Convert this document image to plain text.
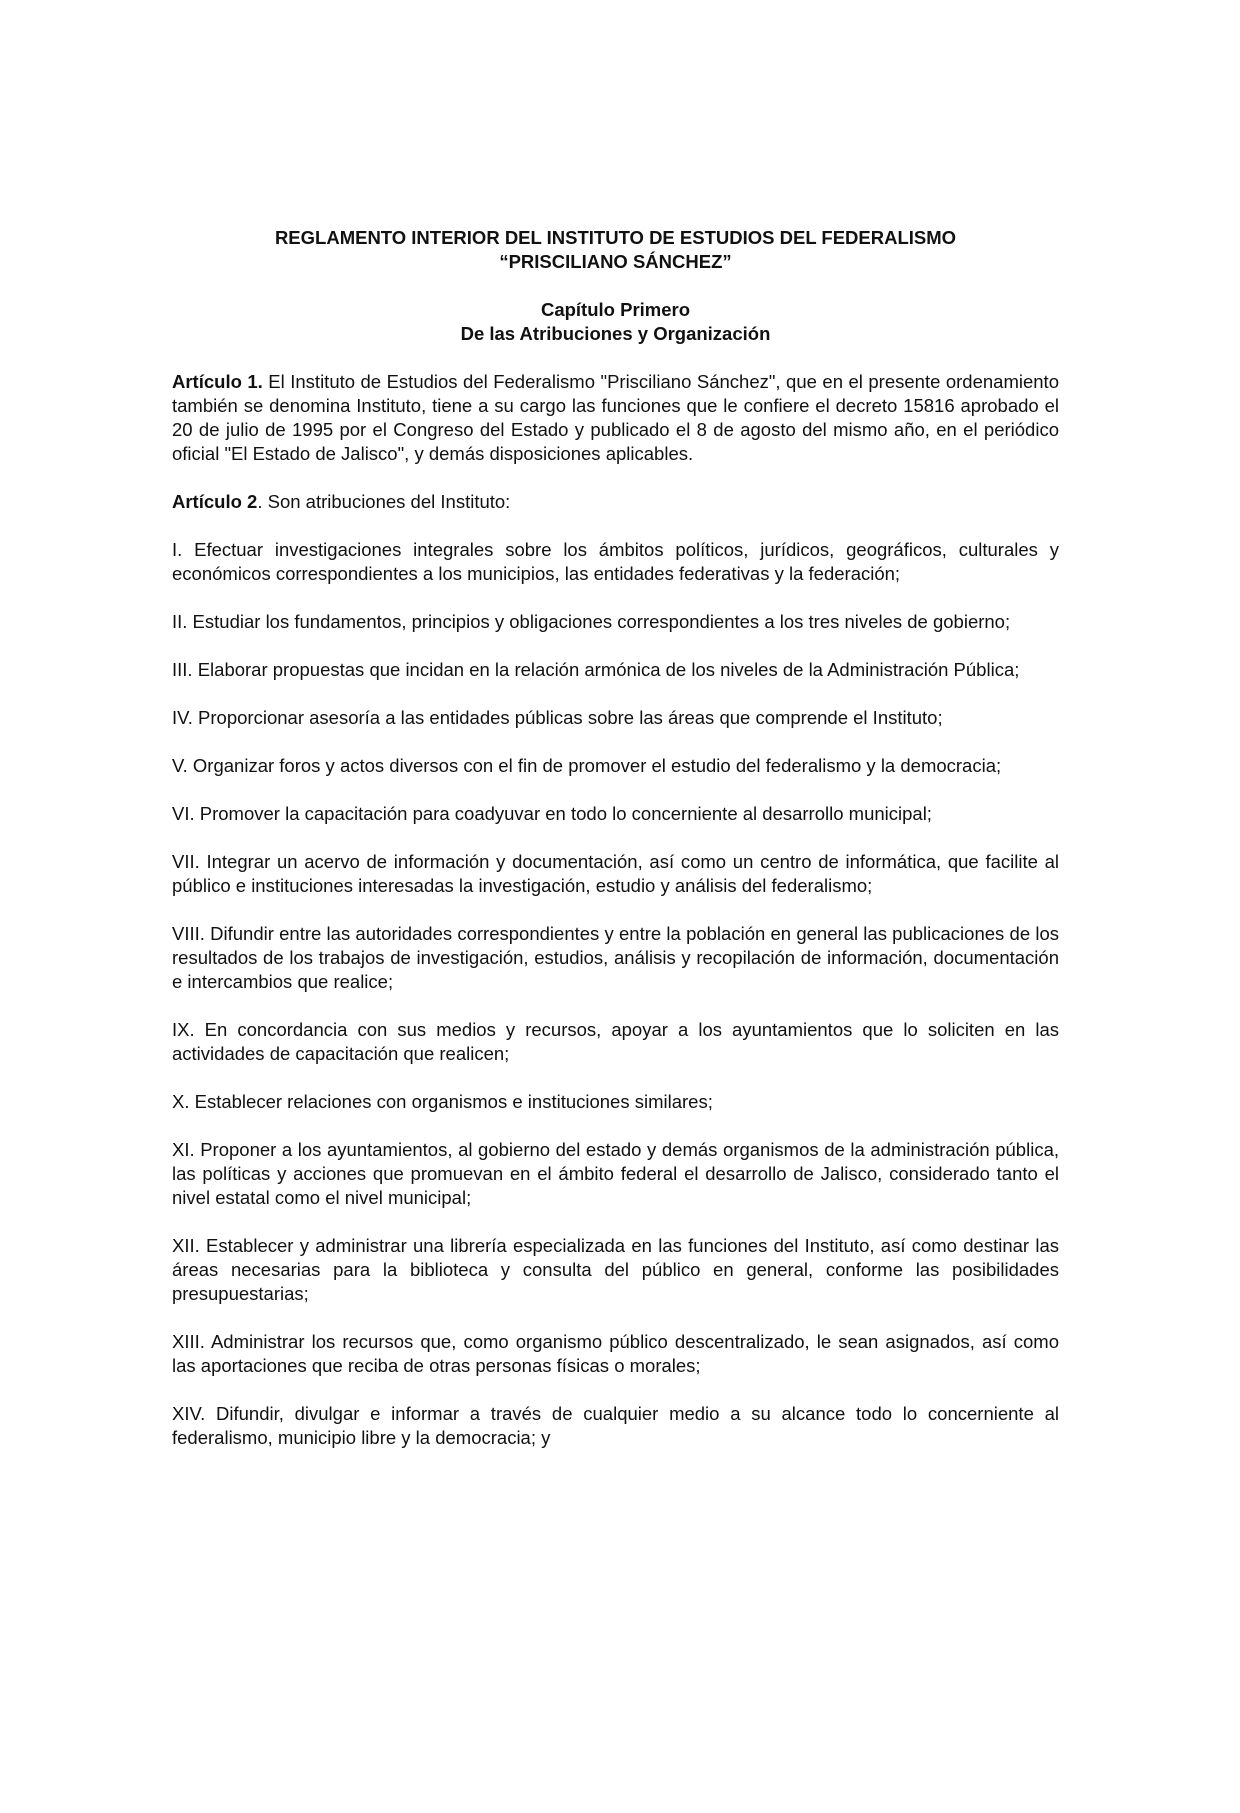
REGLAMENTO INTERIOR DEL INSTITUTO DE ESTUDIOS DEL FEDERALISMO
“PRISCILIANO SÁNCHEZ”
Capítulo Primero
De las Atribuciones y Organización

Artículo 1. El Instituto de Estudios del Federalismo "Prisciliano Sánchez", que en el presente ordenamiento también se denomina Instituto, tiene a su cargo las funciones que le confiere el decreto 15816 aprobado el 20 de julio de 1995 por el Congreso del Estado y publicado el 8 de agosto del mismo año, en el periódico oficial "El Estado de Jalisco", y demás disposiciones aplicables.

Artículo 2. Son atribuciones del Instituto:

I. Efectuar investigaciones integrales sobre los ámbitos políticos, jurídicos, geográficos, culturales y económicos correspondientes a los municipios, las entidades federativas y la federación;

II. Estudiar los fundamentos, principios y obligaciones correspondientes a los tres niveles de gobierno;

III. Elaborar propuestas que incidan en la relación armónica de los niveles de la Administración Pública;

IV. Proporcionar asesoría a las entidades públicas sobre las áreas que comprende el Instituto;

V. Organizar foros y actos diversos con el fin de promover el estudio del federalismo y la democracia;

VI. Promover la capacitación para coadyuvar en todo lo concerniente al desarrollo municipal;

VII. Integrar un acervo de información y documentación, así como un centro de informática, que facilite al público e instituciones interesadas la investigación, estudio y análisis del federalismo;

VIII. Difundir entre las autoridades correspondientes y entre la población en general las publicaciones de los resultados de los trabajos de investigación, estudios, análisis y recopilación de información, documentación e intercambios que realice;

IX. En concordancia con sus medios y recursos, apoyar a los ayuntamientos que lo soliciten en las actividades de capacitación que realicen;

X. Establecer relaciones con organismos e instituciones similares;

XI. Proponer a los ayuntamientos, al gobierno del estado y demás organismos de la administración pública, las políticas y acciones que promuevan en el ámbito federal el desarrollo de Jalisco, considerado tanto el nivel estatal como el nivel municipal;

XII. Establecer y administrar una librería especializada en las funciones del Instituto, así como destinar las áreas necesarias para la biblioteca y consulta del público en general, conforme las posibilidades presupuestarias;

XIII. Administrar los recursos que, como organismo público descentralizado, le sean asignados, así como las aportaciones que reciba de otras personas físicas o morales;

XIV. Difundir, divulgar e informar a través de cualquier medio a su alcance todo lo concerniente al federalismo, municipio libre y la democracia; y
